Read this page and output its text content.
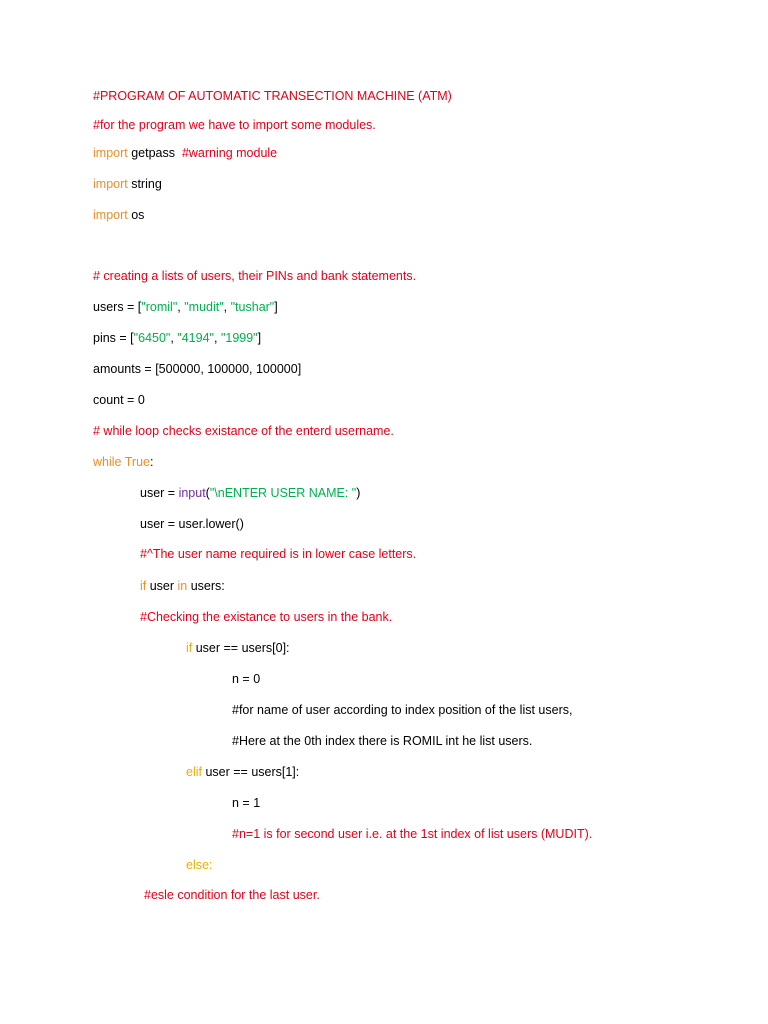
#PROGRAM OF AUTOMATIC TRANSECTION MACHINE (ATM)
#for the program we have to import some modules.
import getpass  #warning module
import string
import os
# creating a lists of users, their PINs and bank statements.
users = ["romil", "mudit", "tushar"]
pins = ["6450", "4194", "1999"]
amounts = [500000, 100000, 100000]
count = 0
# while loop checks existance of the enterd username.
while True:
user = input("\nENTER USER NAME: ")
user = user.lower()
#^The user name required is in lower case letters.
if user in users:
#Checking the existance to users in the bank.
if user == users[0]:
n = 0
#for name of user according to index position of the list users,
#Here at the 0th index there is ROMIL int he list users.
elif user == users[1]:
n = 1
#n=1 is for second user i.e. at the 1st index of list users (MUDIT).
else:
#esle condition for the last user.
